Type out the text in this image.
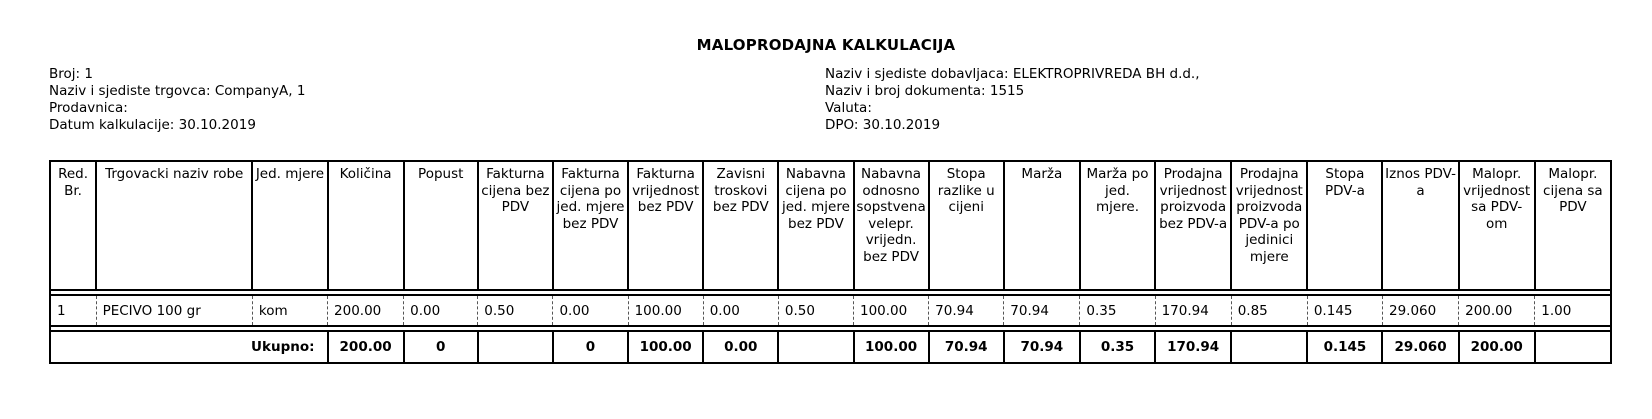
MALOPRODAJNA KALKULACIJA
Broj: 1
Naziv i sjediste trgovca: CompanyA, 1
Prodavnica:
Datum kalkulacije: 30.10.2019
Naziv i sjediste dobavljaca: ELEKTROPRIVREDA BH d.d.,
Naziv i broj dokumenta: 1515
Valuta:
DPO: 30.10.2019
Red. Br.	Trgovacki naziv robe	Jed. mjere	Količina	Popust	Fakturna cijena bez PDV	Fakturna cijena po jed. mjere bez PDV	Fakturna vrijednost bez PDV	Zavisni troskovi bez PDV	Nabavna cijena po jed. mjere bez PDV	Nabavna odnosno sopstvena velepr. vrijedn. bez PDV	Stopa razlike u cijeni	Marža	Marža po jed. mjere.	Prodajna vrijednost proizvoda bez PDV-a	Prodajna vrijednost proizvoda PDV-a po jedinici mjere	Stopa PDV-a	Iznos PDV-a	Malopr. vrijednost sa PDV-om	Malopr. cijena sa PDV

1	PECIVO 100 gr	kom	200.00	0.00	0.50	0.00	100.00	0.00	0.50	100.00	70.94	70.94	0.35	170.94	0.85	0.145	29.060	200.00	1.00

Ukupno:			200.00	0		0	100.00	0.00		100.00	70.94	70.94	0.35	170.94		0.145	29.060	200.00	
